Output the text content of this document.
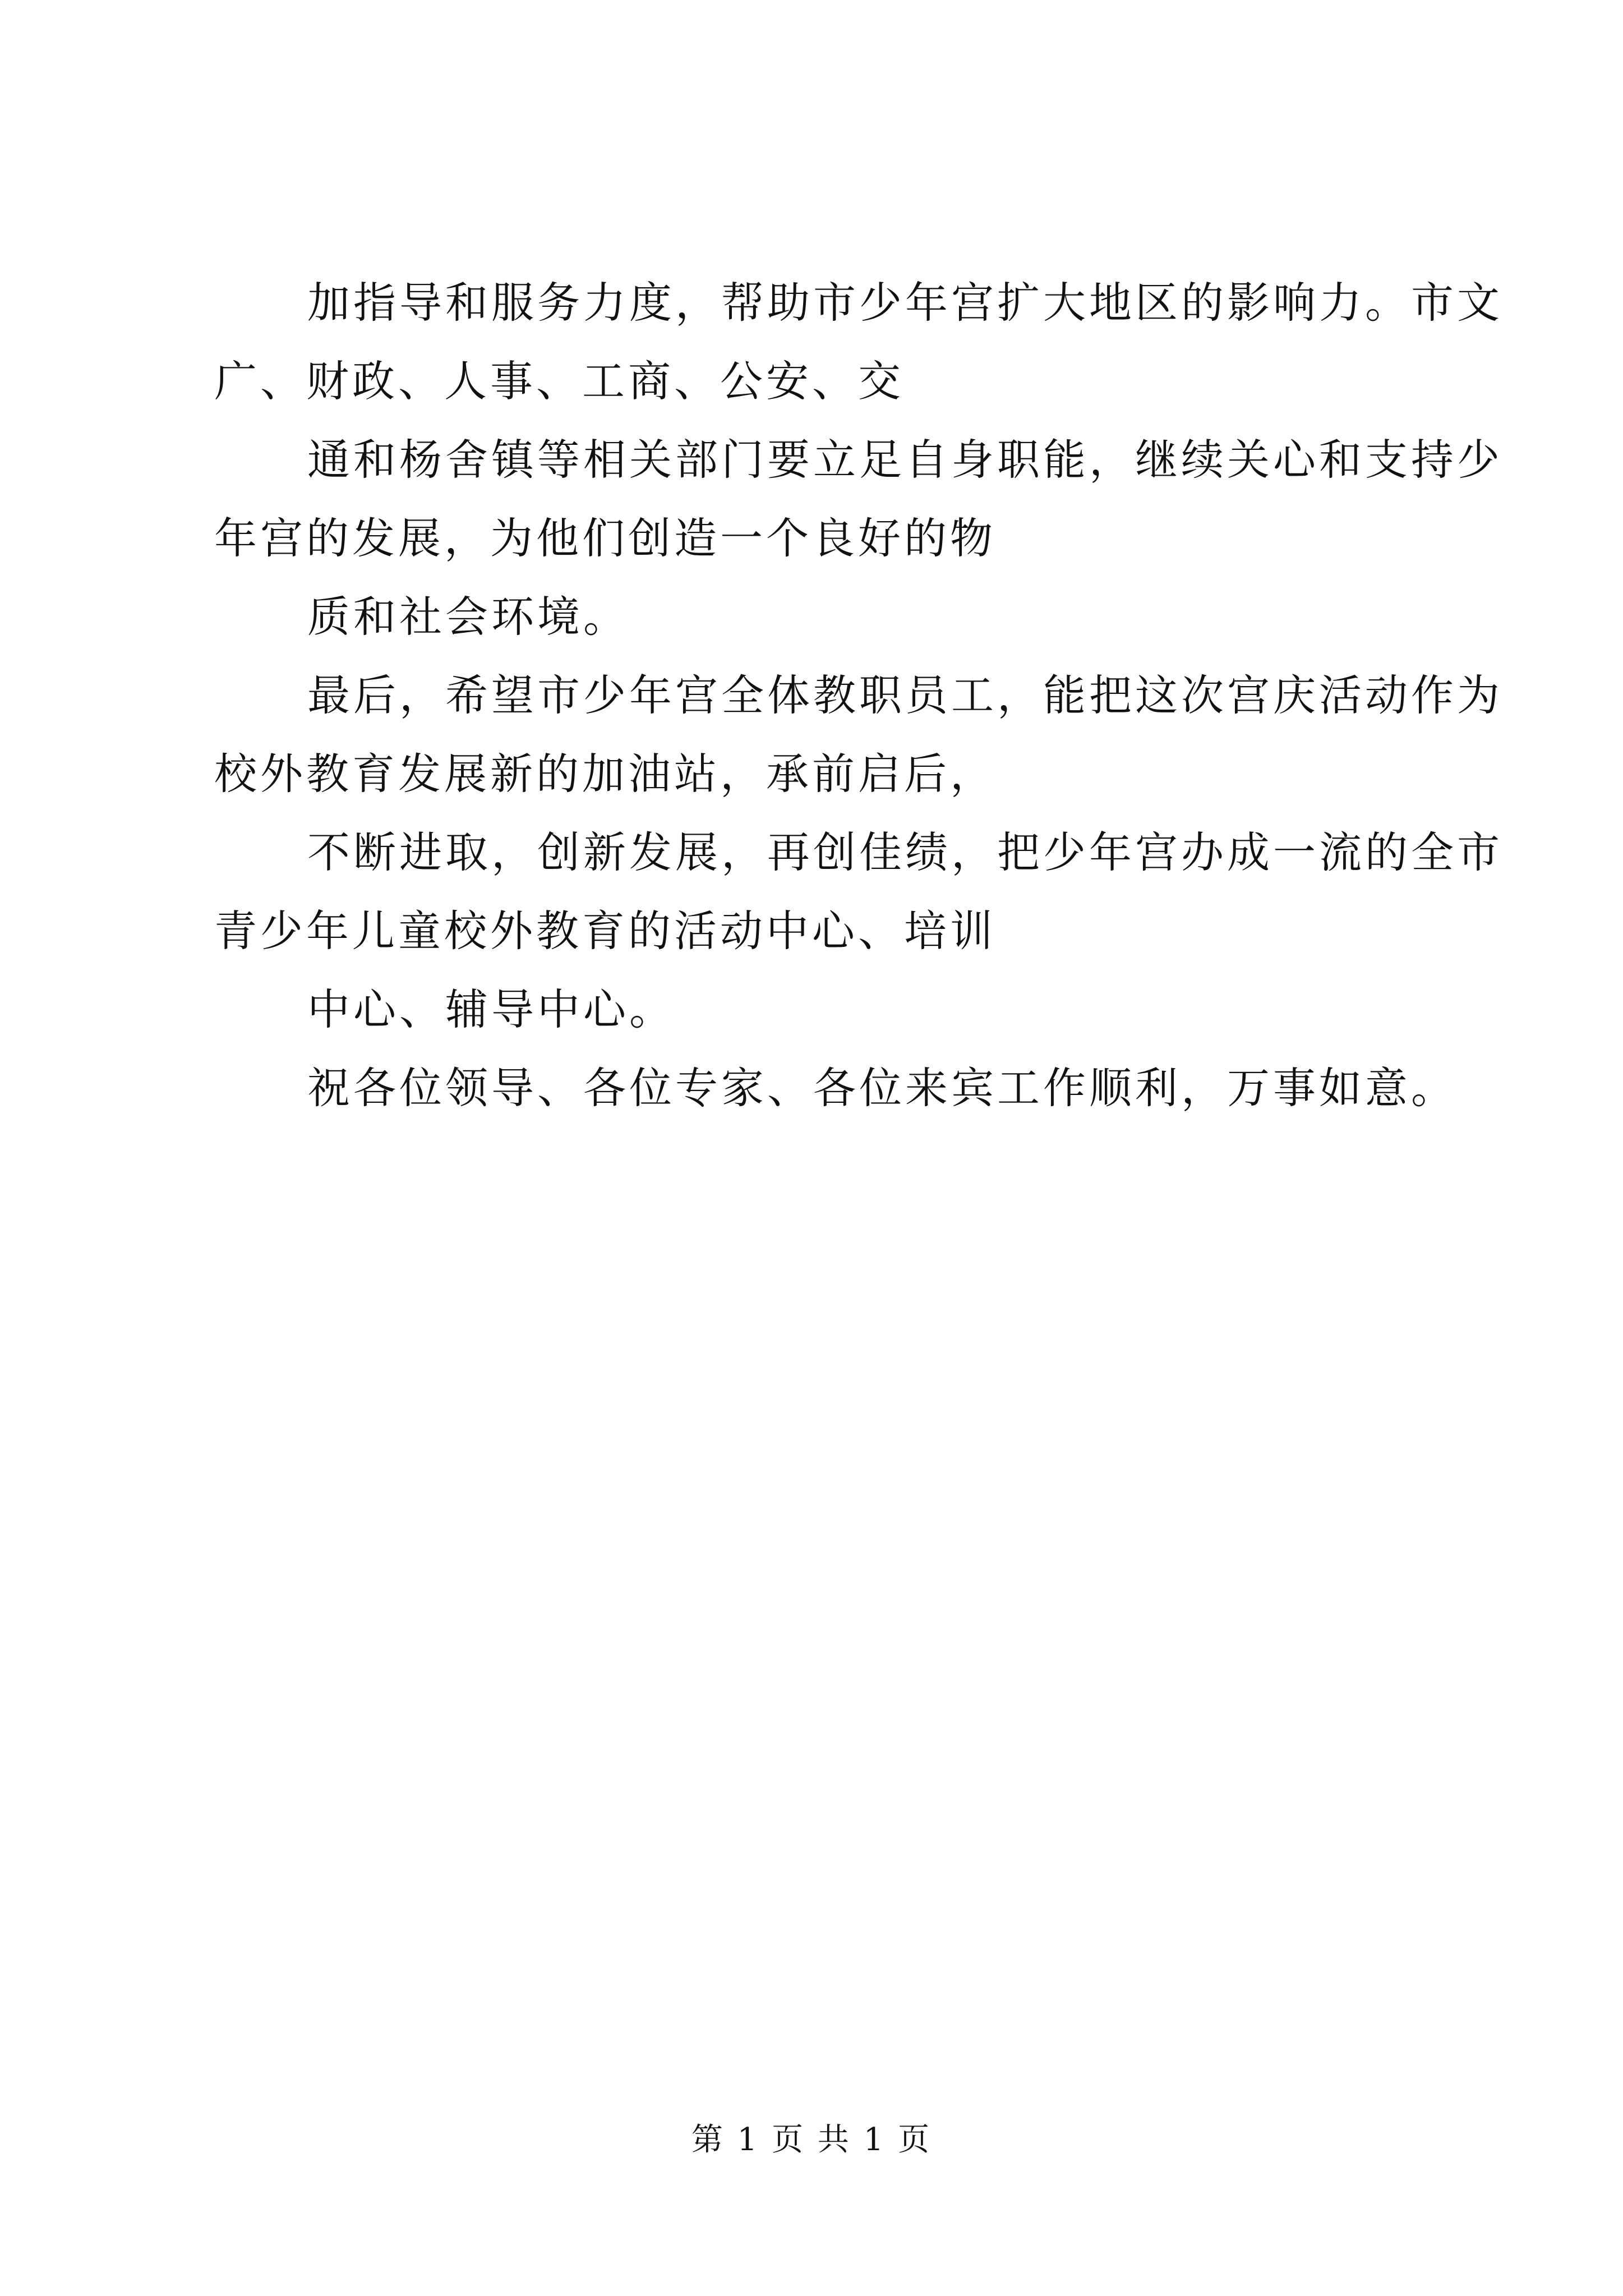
加指导和服务力度，帮助市少年宫扩大地区的影响力。市文
广、财政、人事、工商、公安、交
通和杨舍镇等相关部门要立足自身职能，继续关心和支持少
年宫的发展，为他们创造一个良好的物
质和社会环境。
最后，希望市少年宫全体教职员工，能把这次宫庆活动作为
校外教育发展新的加油站，承前启后，
不断进取，创新发展，再创佳绩，把少年宫办成一流的全市
青少年儿童校外教育的活动中心、培训
中心、辅导中心。
祝各位领导、各位专家、各位来宾工作顺利，万事如意。
第 1 页 共 1 页
